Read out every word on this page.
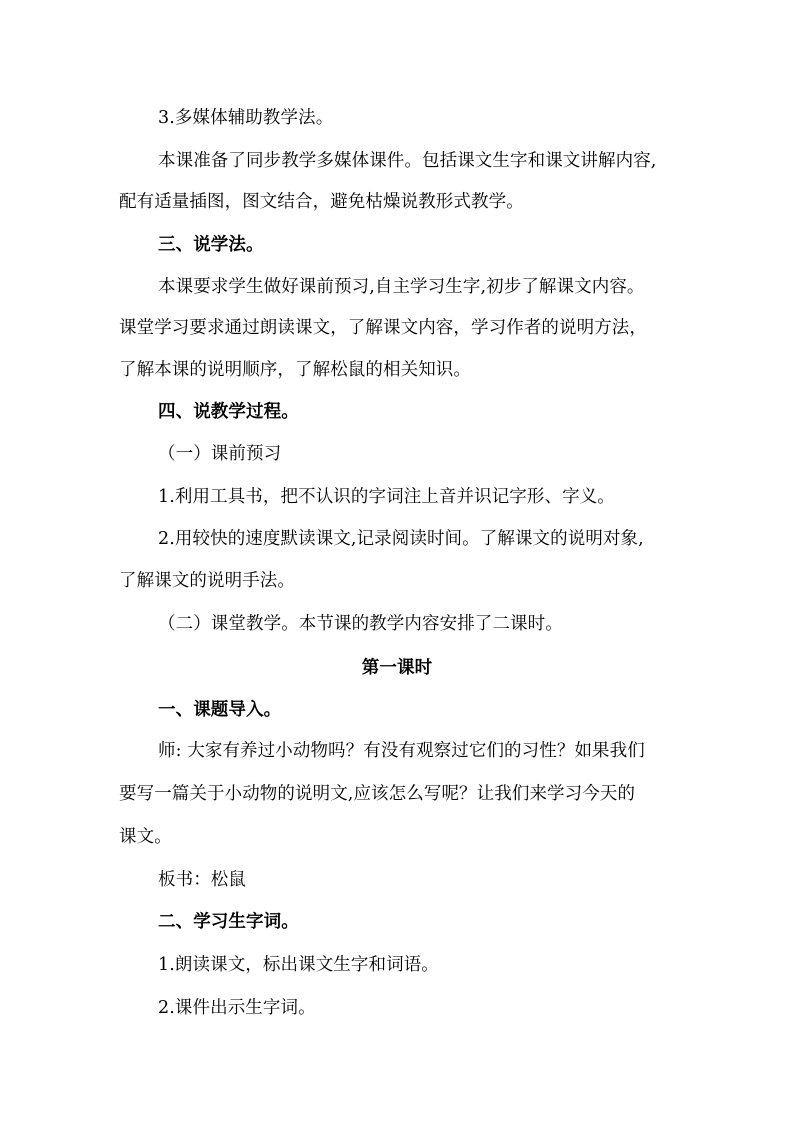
3.多媒体辅助教学法。
本课准备了同步教学多媒体课件。包括课文生字和课文讲解内容,
配有适量插图，图文结合，避免枯燥说教形式教学。
三、说学法。
本课要求学生做好课前预习,自主学习生字,初步了解课文内容。
课堂学习要求通过朗读课文，了解课文内容，学习作者的说明方法，
了解本课的说明顺序，了解松鼠的相关知识。
四、说教学过程。
（一）课前预习
1.利用工具书，把不认识的字词注上音并识记字形、字义。
2.用较快的速度默读课文,记录阅读时间。了解课文的说明对象,
了解课文的说明手法。
（二）课堂教学。本节课的教学内容安排了二课时。
第一课时
一、课题导入。
师: 大家有养过小动物吗？有没有观察过它们的习性？如果我们
要写一篇关于小动物的说明文,应该怎么写呢？让我们来学习今天的
课文。
板书：松鼠
二、学习生字词。
1.朗读课文，标出课文生字和词语。
2.课件出示生字词。
